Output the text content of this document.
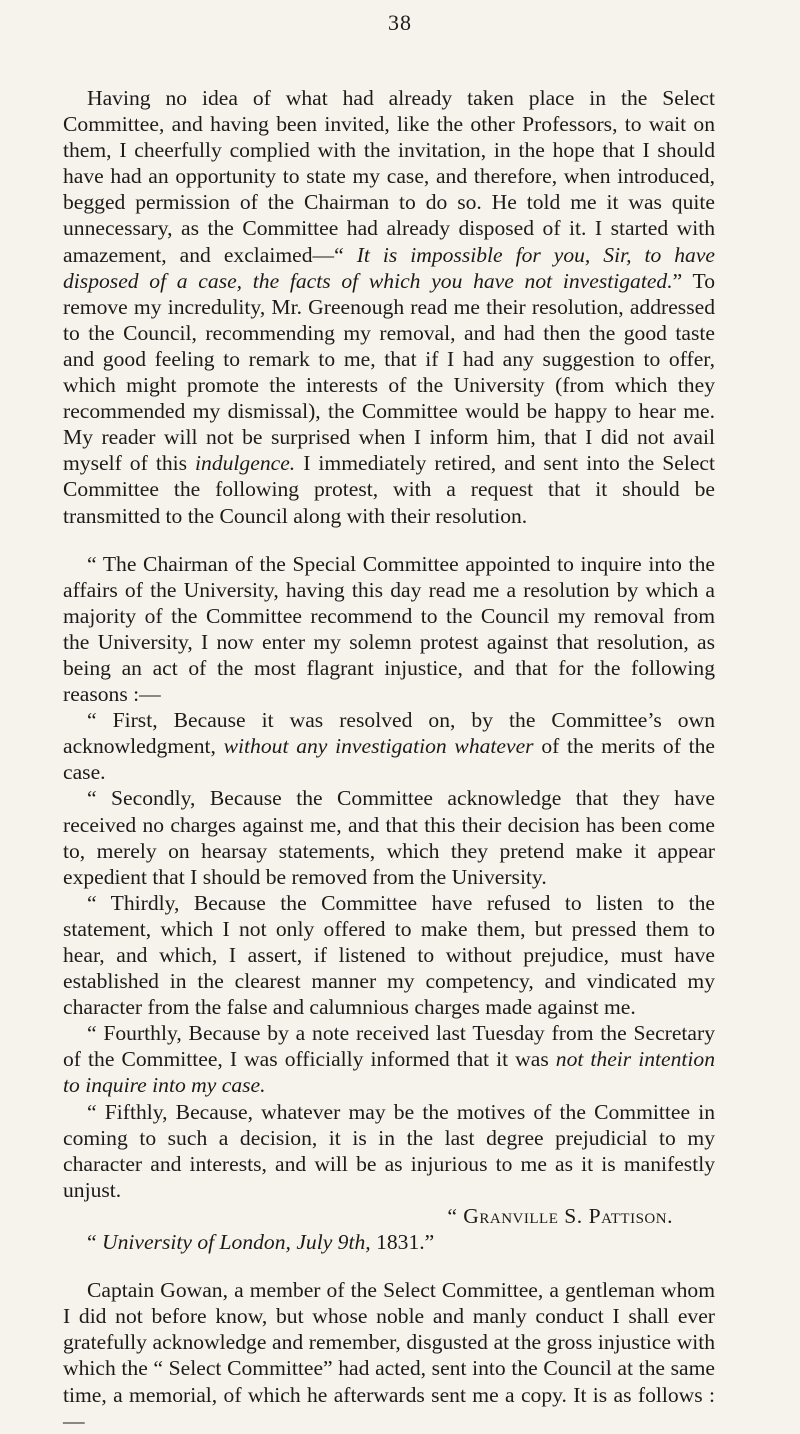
38

Having no idea of what had already taken place in the Select Committee, and having been invited, like the other Professors, to wait on them, I cheerfully complied with the invitation, in the hope that I should have had an opportunity to state my case, and therefore, when introduced, begged permission of the Chairman to do so. He told me it was quite unnecessary, as the Committee had already disposed of it. I started with amazement, and exclaimed—“ It is impossible for you, Sir, to have disposed of a case, the facts of which you have not investigated.” To remove my incredulity, Mr. Greenough read me their resolution, addressed to the Council, recommending my removal, and had then the good taste and good feeling to remark to me, that if I had any suggestion to offer, which might promote the interests of the University (from which they recommended my dismissal), the Committee would be happy to hear me. My reader will not be surprised when I inform him, that I did not avail myself of this indulgence. I immediately retired, and sent into the Select Committee the following protest, with a request that it should be transmitted to the Council along with their resolution.

“ The Chairman of the Special Committee appointed to inquire into the affairs of the University, having this day read me a resolution by which a majority of the Committee recommend to the Council my removal from the University, I now enter my solemn protest against that resolution, as being an act of the most flagrant injustice, and that for the following reasons :—

“ First, Because it was resolved on, by the Committee’s own acknowledgment, without any investigation whatever of the merits of the case.

“ Secondly, Because the Committee acknowledge that they have received no charges against me, and that this their decision has been come to, merely on hearsay statements, which they pretend make it appear expedient that I should be removed from the University.

“ Thirdly, Because the Committee have refused to listen to the statement, which I not only offered to make them, but pressed them to hear, and which, I assert, if listened to without prejudice, must have established in the clearest manner my competency, and vindicated my character from the false and calumnious charges made against me.

“ Fourthly, Because by a note received last Tuesday from the Secretary of the Committee, I was officially informed that it was not their intention to inquire into my case.

“ Fifthly, Because, whatever may be the motives of the Committee in coming to such a decision, it is in the last degree prejudicial to my character and interests, and will be as injurious to me as it is manifestly unjust.

“ Granville S. Pattison.

“ University of London, July 9th, 1831.”

Captain Gowan, a member of the Select Committee, a gentleman whom I did not before know, but whose noble and manly conduct I shall ever gratefully acknowledge and remember, disgusted at the gross injustice with which the “ Select Committee” had acted, sent into the Council at the same time, a memorial, of which he afterwards sent me a copy. It is as follows :—
